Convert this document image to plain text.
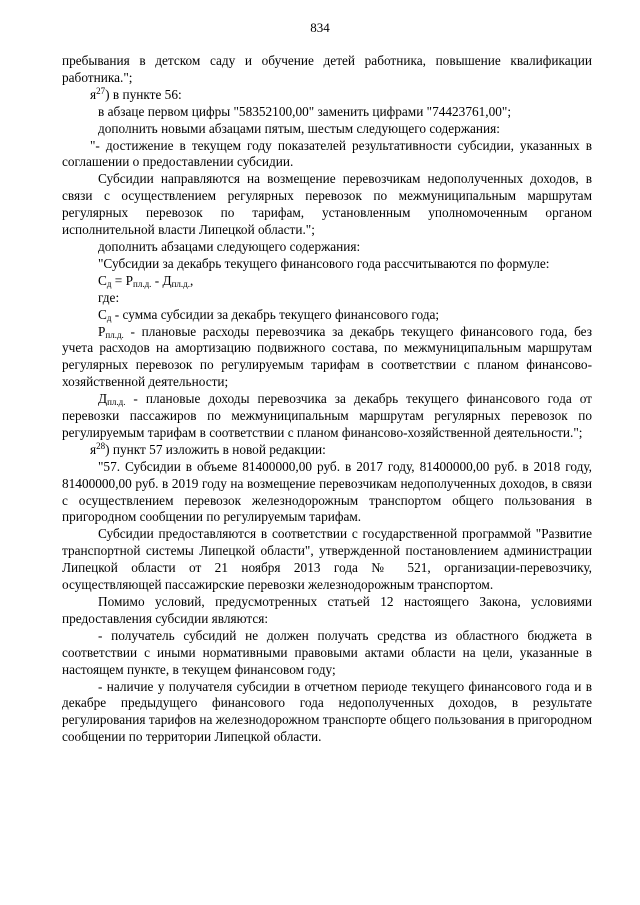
834

пребывания в детском саду и обучение детей работника, повышение квалификации работника.";

$я^{27}$) в пункте 56:

в абзаце первом цифры "58352100,00" заменить цифрами "74423761,00";

дополнить новыми абзацами пятым, шестым следующего содержания:

"- достижение в текущем году показателей результативности субсидии, указанных в соглашении о предоставлении субсидии.

Субсидии направляются на возмещение перевозчикам недополученных доходов, в связи с осуществлением регулярных перевозок по межмуниципальным маршрутам регулярных перевозок по тарифам, установленным уполномоченным органом исполнительной власти Липецкой области.";

дополнить абзацами следующего содержания:

"Субсидии за декабрь текущего финансового года рассчитываются по формуле:

$С_д = Р_{пл.д.} - Д_{пл.д.}$,

где:

$С_д$ - сумма субсидии за декабрь текущего финансового года;

$Р_{пл.д.}$ - плановые расходы перевозчика за декабрь текущего финансового года, без учета расходов на амортизацию подвижного состава, по межмуниципальным маршрутам регулярных перевозок по регулируемым тарифам в соответствии с планом финансово-хозяйственной деятельности;

$Д_{пл.д.}$ - плановые доходы перевозчика за декабрь текущего финансового года от перевозки пассажиров по межмуниципальным маршрутам регулярных перевозок по регулируемым тарифам в соответствии с планом финансово-хозяйственной деятельности.";

$я^{28}$) пункт 57 изложить в новой редакции:

"57. Субсидии в объеме 81400000,00 руб. в 2017 году, 81400000,00 руб. в 2018 году, 81400000,00 руб. в 2019 году на возмещение перевозчикам недополученных доходов, в связи с осуществлением перевозок железнодорожным транспортом общего пользования в пригородном сообщении по регулируемым тарифам.

Субсидии предоставляются в соответствии с государственной программой "Развитие транспортной системы Липецкой области", утвержденной постановлением администрации Липецкой области от 21 ноября 2013 года № 521, организации-перевозчику, осуществляющей пассажирские перевозки железнодорожным транспортом.

Помимо условий, предусмотренных статьей 12 настоящего Закона, условиями предоставления субсидии являются:

- получатель субсидий не должен получать средства из областного бюджета в соответствии с иными нормативными правовыми актами области на цели, указанные в настоящем пункте, в текущем финансовом году;

- наличие у получателя субсидии в отчетном периоде текущего финансового года и в декабре предыдущего финансового года недополученных доходов, в результате регулирования тарифов на железнодорожном транспорте общего пользования в пригородном сообщении по территории Липецкой области.
